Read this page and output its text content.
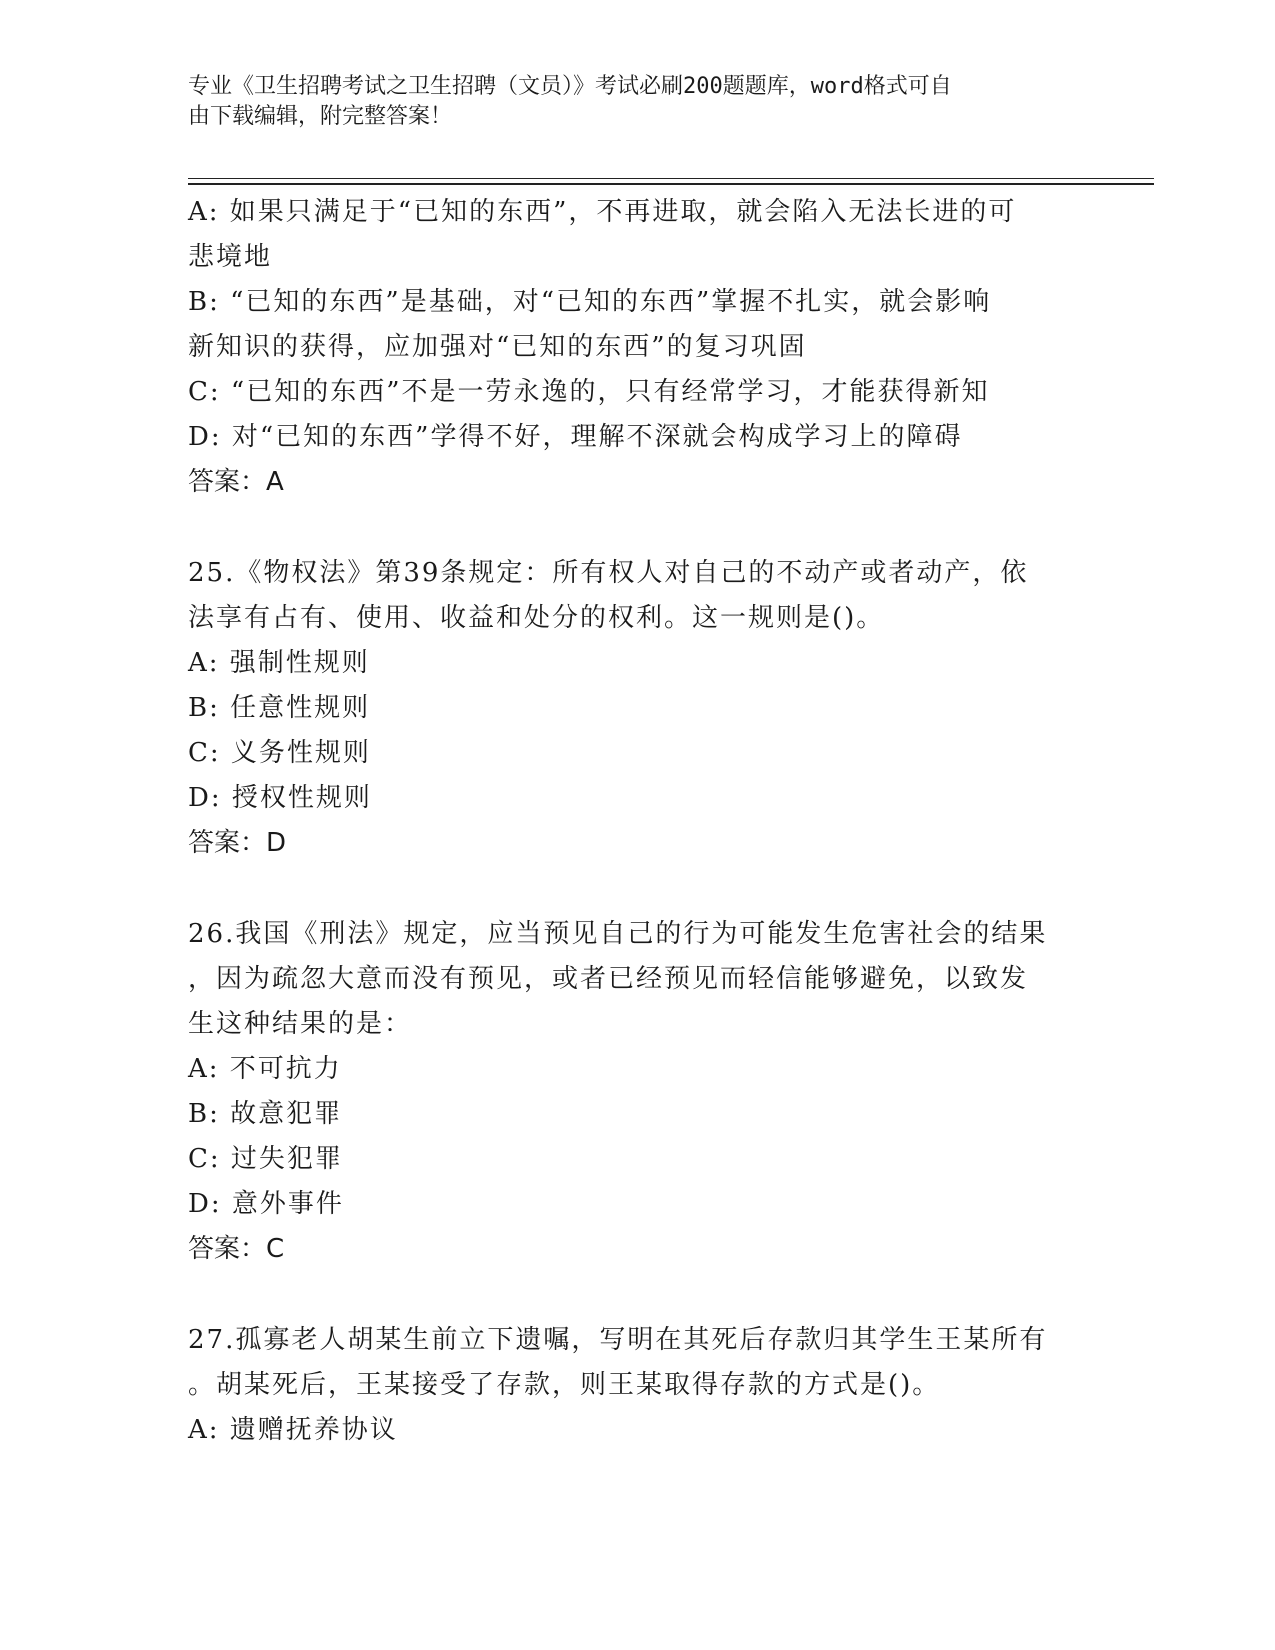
专业《卫生招聘考试之卫生招聘（文员）》考试必刷200题题库，word格式可自
由下载编辑，附完整答案！
A: 如果只满足于“已知的东西”，不再进取，就会陷入无法长进的可
悲境地
B: “已知的东西”是基础，对“已知的东西”掌握不扎实，就会影响
新知识的获得，应加强对“已知的东西”的复习巩固
C: “已知的东西”不是一劳永逸的，只有经常学习，才能获得新知
D: 对“已知的东西”学得不好，理解不深就会构成学习上的障碍
答案：A
25.《物权法》第39条规定：所有权人对自己的不动产或者动产，依
法享有占有、使用、收益和处分的权利。这一规则是()。
A: 强制性规则
B: 任意性规则
C: 义务性规则
D: 授权性规则
答案：D
26.我国《刑法》规定，应当预见自己的行为可能发生危害社会的结果
，因为疏忽大意而没有预见，或者已经预见而轻信能够避免，以致发
生这种结果的是：
A: 不可抗力
B: 故意犯罪
C: 过失犯罪
D: 意外事件
答案：C
27.孤寡老人胡某生前立下遗嘱，写明在其死后存款归其学生王某所有
。胡某死后，王某接受了存款，则王某取得存款的方式是()。
A: 遗赠抚养协议
